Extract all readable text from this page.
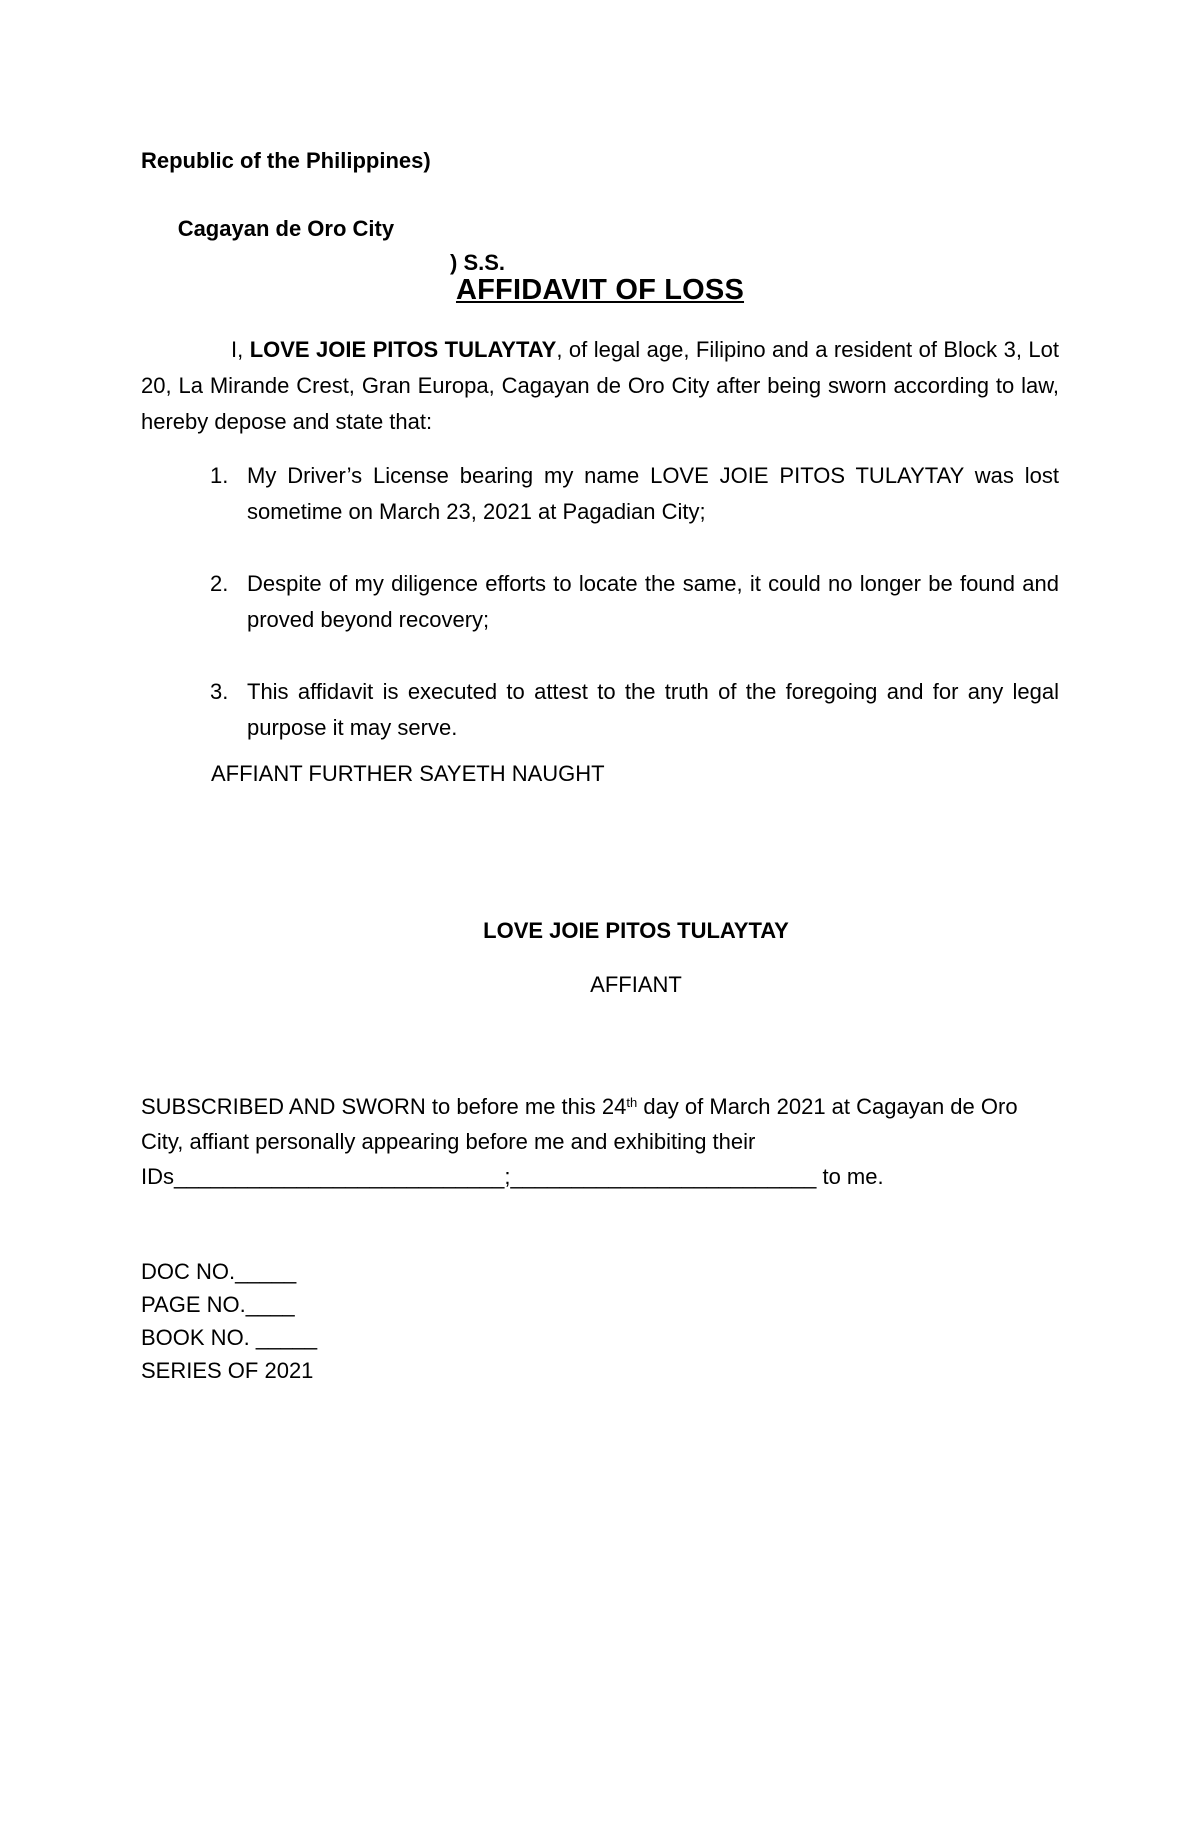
Republic of the Philippines)

Cagayan de Oro City

) S.S.

AFFIDAVIT OF LOSS
I, LOVE JOIE PITOS TULAYTAY, of legal age, Filipino and a resident of Block 3, Lot 20, La Mirande Crest, Gran Europa, Cagayan de Oro City after being sworn according to law, hereby depose and state that:
1. My Driver’s License bearing my name LOVE JOIE PITOS TULAYTAY was lost sometime on March 23, 2021 at Pagadian City;
2. Despite of my diligence efforts to locate the same, it could no longer be found and proved beyond recovery;
3. This affidavit is executed to attest to the truth of the foregoing and for any legal purpose it may serve.
AFFIANT FURTHER SAYETH NAUGHT
LOVE JOIE PITOS TULAYTAY
AFFIANT
SUBSCRIBED AND SWORN to before me this 24th day of March 2021 at Cagayan de Oro City, affiant personally appearing before me and exhibiting their IDs___________________________;_________________________ to me.
DOC NO._____
PAGE NO.____
BOOK NO. _____
SERIES OF 2021
